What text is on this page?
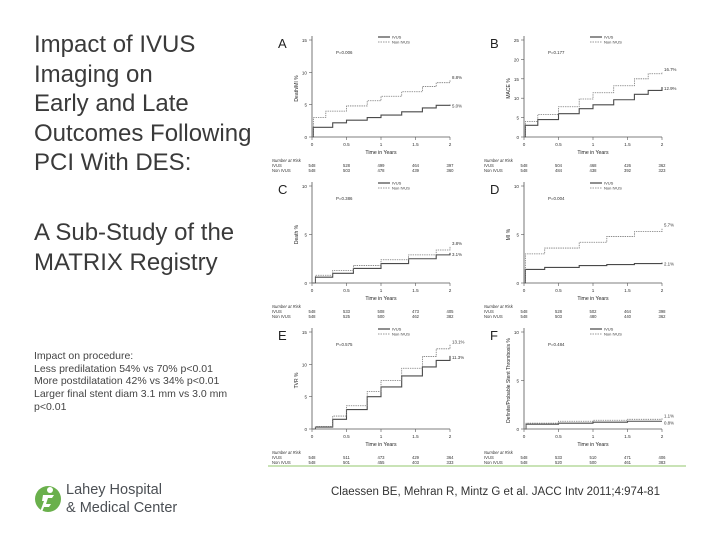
Impact of IVUS
Imaging on
Early and Late
Outcomes Following
PCI With DES:
A Sub-Study of the
MATRIX Registry
Impact on procedure:
Less predilatation 54% vs 70% p<0.01
More postdilatation 42% vs 34% p<0.01
Larger final stent diam 3.1 mm vs 3.0 mm
p<0.01
A
0
5
10
15
0	0.5	1	1.5	2
Time in Years
Death/MI %
P=0.006
IVUS
Non IVUS
8.8%
5.0%
Number at Risk
IVUS	548	528	499	464	397
Non IVUS	548	503	478	439	360
B
0
5
10
15
20
25
0	0.5	1	1.5	2
Time in Years
MACE %
P=0.177
IVUS
Non IVUS
16.7%
12.9%
Number at Risk
IVUS	548	504	468	426	362
Non IVUS	548	484	438	392	323
C
0
5
10
0	0.5	1	1.5	2
Time in Years
Death %
P=0.386
IVUS
Non IVUS
3.8%
3.1%
Number at Risk
IVUS	548	533	508	473	405
Non IVUS	548	525	500	462	382
D
0
5
10
0	0.5	1	1.5	2
Time in Years
MI %
P=0.004
IVUS
Non IVUS
5.7%
2.1%
Number at Risk
IVUS	548	528	502	464	398
Non IVUS	548	503	480	440	362
E
0
5
10
15
0	0.5	1	1.5	2
Time in Years
TVR %
P=0.575
IVUS
Non IVUS
13.1%
11.3%
Number at Risk
IVUS	548	511	473	429	364
Non IVUS	548	501	455	403	333
F
0
5
10
0	0.5	1	1.5	2
Time in Years
Definite/Probable Stent Thrombosis %	P=0.484
IVUS
Non IVUS
1.1%
0.8%
Number at Risk
IVUS	548	533	510	471	406
Non IVUS	548	520	500	461	383
Lahey Hospital
& Medical Center
Claessen BE, Mehran R, Mintz G et al. JACC Intv 2011;4:974-81
